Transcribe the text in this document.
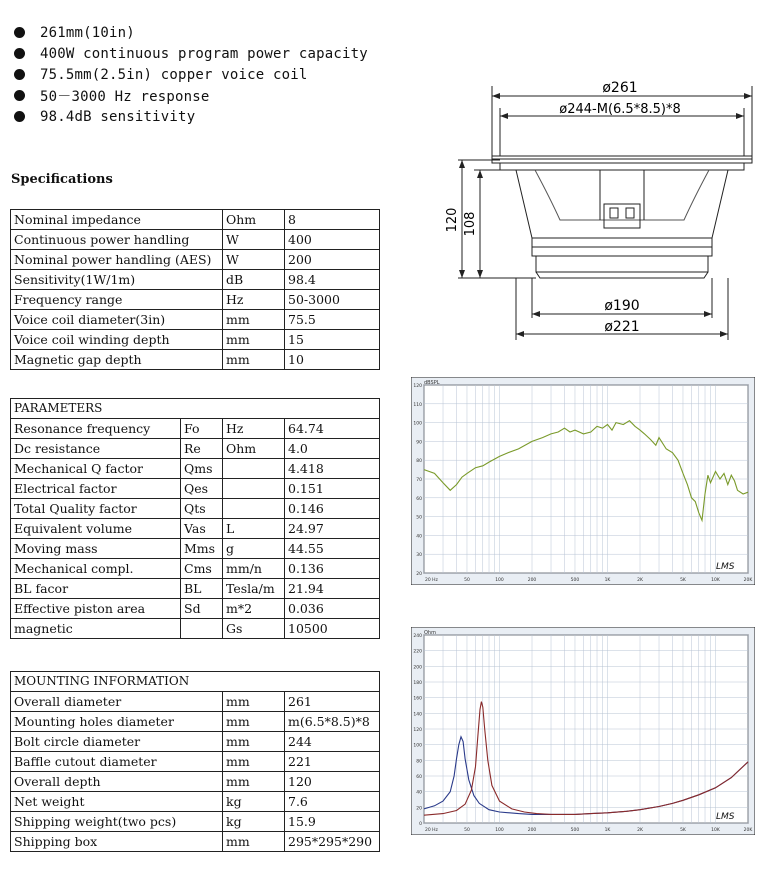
261mm(10in)
400W continuous program power capacity
75.5mm(2.5in) copper voice coil
50－3000 Hz response
98.4dB sensitivity
Specifications
Nominal impedance	Ohm	8
Continuous power handling	W	400
Nominal power handling (AES)	W	200
Sensitivity(1W/1m)	dB	98.4
Frequency range	Hz	50-3000
Voice coil diameter(3in)	mm	75.5
Voice coil winding depth	mm	15
Magnetic gap depth	mm	10
PARAMETERS			
Resonance frequency	Fo	Hz	64.74
Dc resistance	Re	Ohm	4.0
Mechanical Q factor	Qms		4.418
Electrical factor	Qes		0.151
Total Quality factor	Qts		0.146
Equivalent volume	Vas	L	24.97
Moving mass	Mms	g	44.55
Mechanical compl.	Cms	mm/n	0.136
BL facor	BL	Tesla/m	21.94
Effective piston area	Sd	m*2	0.036
magnetic		Gs	10500
MOUNTING INFORMATION		
Overall diameter	mm	261
Mounting holes diameter	mm	m(6.5*8.5)*8
Bolt circle diameter	mm	244
Baffle cutout diameter	mm	221
Overall depth	mm	120
Net weight	kg	7.6
Shipping weight(two pcs)	kg	15.9
Shipping box	mm	295*295*290
ø261
ø244-M(6.5*8.5)*8
120 108
ø190
ø221
120
110
100
90
80
70
60
50
40
30
20
20 Hz	50	100	200	500	1K	2K	5K	10K	20K
dBSPL
LMS
240
220
200
180
160
140
120
100
80
60
40
20
0
20 Hz	50	100	200	500	1K	2K	5K	10K	20K
Ohm
LMS
